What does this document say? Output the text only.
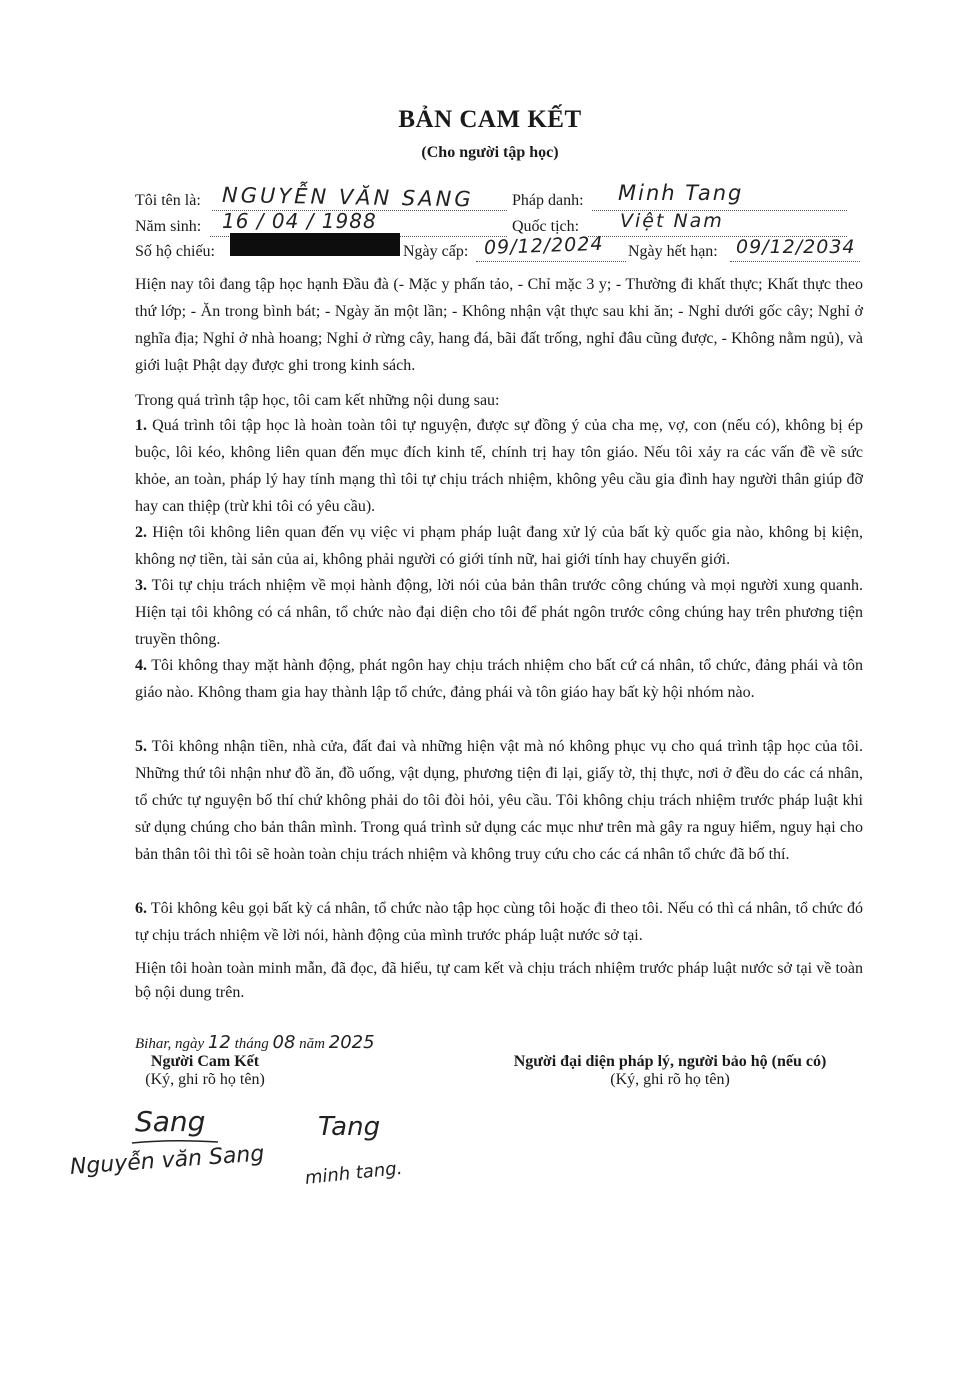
BẢN CAM KẾT
(Cho người tập học)
Tôi tên là: NGUYỄN VĂN SANG Pháp danh: Minh Tang
Năm sinh: 16 / 04 / 1988	Quốc tịch: Việt Nam
Số hộ chiếu:	Ngày cấp: 09/12/2024 Ngày hết hạn: 09/12/2034
Hiện nay tôi đang tập học hạnh Đầu đà (- Mặc y phấn tảo, - Chỉ mặc 3 y; - Thường đi khất thực; Khất thực theo thứ lớp; - Ăn trong bình bát; - Ngày ăn một lần; - Không nhận vật thực sau khi ăn; - Nghỉ dưới gốc cây; Nghỉ ở nghĩa địa; Nghỉ ở nhà hoang; Nghỉ ở rừng cây, hang đá, bãi đất trống, nghỉ đâu cũng được, - Không nằm ngủ), và giới luật Phật dạy được ghi trong kinh sách.
Trong quá trình tập học, tôi cam kết những nội dung sau:
1. Quá trình tôi tập học là hoàn toàn tôi tự nguyện, được sự đồng ý của cha mẹ, vợ, con (nếu có), không bị ép buộc, lôi kéo, không liên quan đến mục đích kinh tế, chính trị hay tôn giáo. Nếu tôi xảy ra các vấn đề về sức khỏe, an toàn, pháp lý hay tính mạng thì tôi tự chịu trách nhiệm, không yêu cầu gia đình hay người thân giúp đỡ hay can thiệp (trừ khi tôi có yêu cầu).
2. Hiện tôi không liên quan đến vụ việc vi phạm pháp luật đang xử lý của bất kỳ quốc gia nào, không bị kiện, không nợ tiền, tài sản của ai, không phải người có giới tính nữ, hai giới tính hay chuyển giới.
3. Tôi tự chịu trách nhiệm về mọi hành động, lời nói của bản thân trước công chúng và mọi người xung quanh. Hiện tại tôi không có cá nhân, tổ chức nào đại diện cho tôi để phát ngôn trước công chúng hay trên phương tiện truyền thông.
4. Tôi không thay mặt hành động, phát ngôn hay chịu trách nhiệm cho bất cứ cá nhân, tổ chức, đảng phái và tôn giáo nào. Không tham gia hay thành lập tổ chức, đảng phái và tôn giáo hay bất kỳ hội nhóm nào.
5. Tôi không nhận tiền, nhà cửa, đất đai và những hiện vật mà nó không phục vụ cho quá trình tập học của tôi. Những thứ tôi nhận như đồ ăn, đồ uống, vật dụng, phương tiện đi lại, giấy tờ, thị thực, nơi ở đều do các cá nhân, tổ chức tự nguyện bố thí chứ không phải do tôi đòi hỏi, yêu cầu. Tôi không chịu trách nhiệm trước pháp luật khi sử dụng chúng cho bản thân mình. Trong quá trình sử dụng các mục như trên mà gây ra nguy hiểm, nguy hại cho bản thân tôi thì tôi sẽ hoàn toàn chịu trách nhiệm và không truy cứu cho các cá nhân tổ chức đã bố thí.
6. Tôi không kêu gọi bất kỳ cá nhân, tổ chức nào tập học cùng tôi hoặc đi theo tôi. Nếu có thì cá nhân, tổ chức đó tự chịu trách nhiệm về lời nói, hành động của mình trước pháp luật nước sở tại.
Hiện tôi hoàn toàn minh mẫn, đã đọc, đã hiểu, tự cam kết và chịu trách nhiệm trước pháp luật nước sở tại về toàn bộ nội dung trên.
Bihar, ngày 12 tháng 08 năm 2025
Người Cam Kết
(Ký, ghi rõ họ tên)
Người đại diện pháp lý, người bảo hộ (nếu có)
(Ký, ghi rõ họ tên)
Sang
Nguyễn văn Sang
Tang
minh tang.
